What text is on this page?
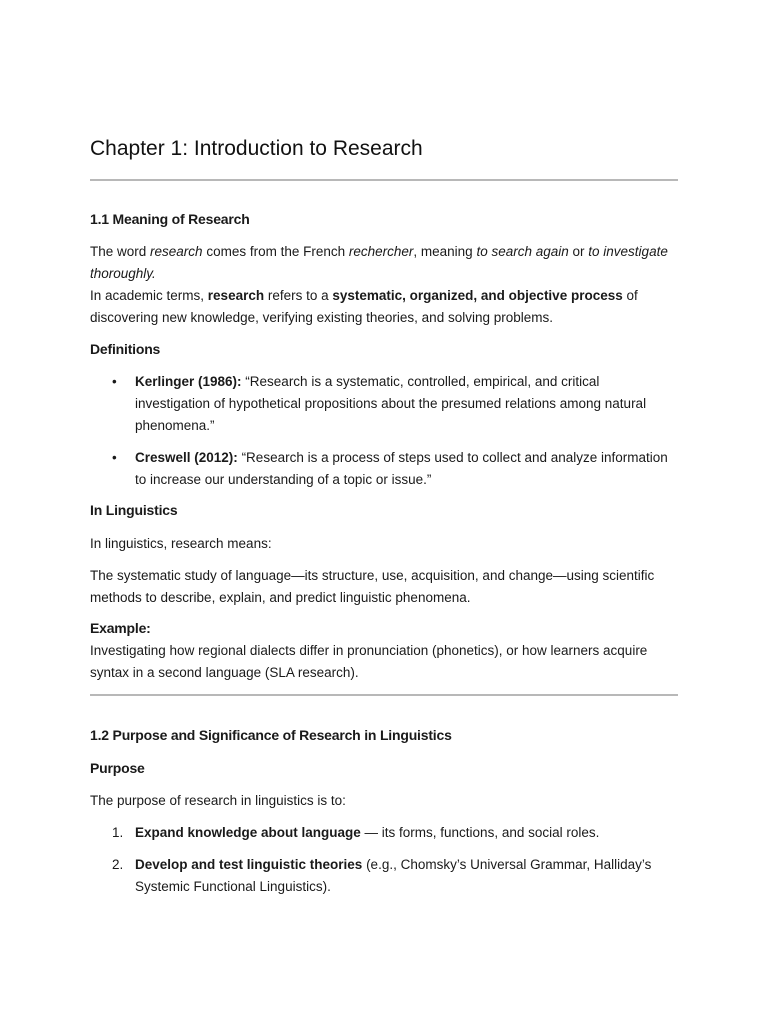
Chapter 1: Introduction to Research
1.1 Meaning of Research

The word research comes from the French rechercher, meaning to search again or to investigate thoroughly.

In academic terms, research refers to a systematic, organized, and objective process of discovering new knowledge, verifying existing theories, and solving problems.

Definitions
• Kerlinger (1986): “Research is a systematic, controlled, empirical, and critical investigation of hypothetical propositions about the presumed relations among natural phenomena.”
• Creswell (2012): “Research is a process of steps used to collect and analyze information to increase our understanding of a topic or issue.”
In Linguistics

In linguistics, research means:

The systematic study of language—its structure, use, acquisition, and change—using scientific methods to describe, explain, and predict linguistic phenomena.

Example:

Investigating how regional dialects differ in pronunciation (phonetics), or how learners acquire syntax in a second language (SLA research).

1.2 Purpose and Significance of Research in Linguistics
Purpose

The purpose of research in linguistics is to:

1. Expand knowledge about language — its forms, functions, and social roles.
2. Develop and test linguistic theories (e.g., Chomsky’s Universal Grammar, Halliday’s Systemic Functional Linguistics).
